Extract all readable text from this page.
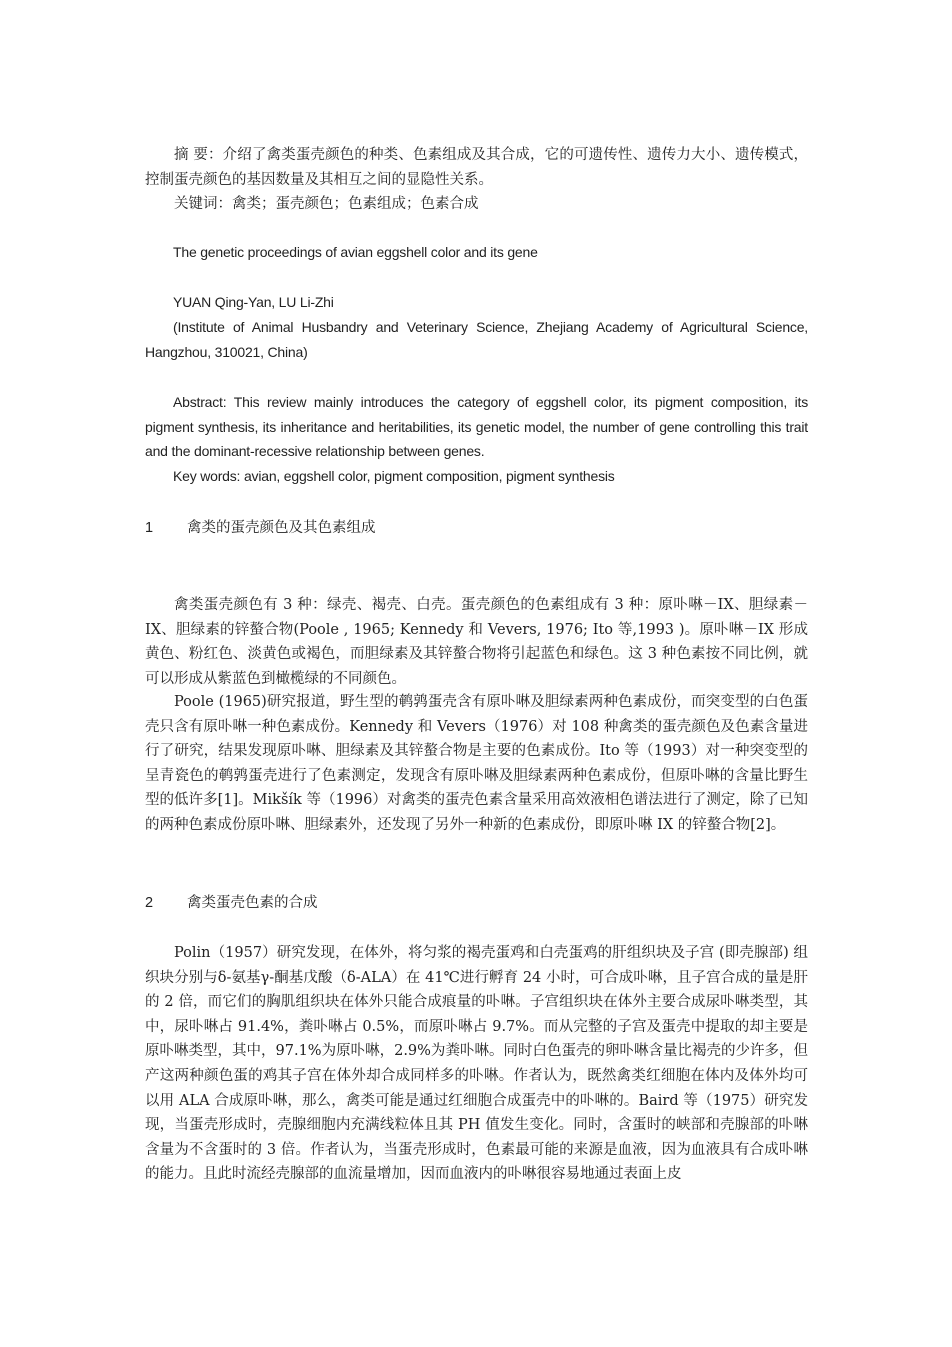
摘 要：介绍了禽类蛋壳颜色的种类、色素组成及其合成，它的可遗传性、遗传力大小、遗传模式，控制蛋壳颜色的基因数量及其相互之间的显隐性关系。

关键词：禽类；蛋壳颜色；色素组成；色素合成

The genetic proceedings of avian eggshell color and its gene

YUAN Qing-Yan, LU Li-Zhi

(Institute of Animal Husbandry and Veterinary Science, Zhejiang Academy of Agricultural Science, Hangzhou, 310021, China)

Abstract: This review mainly introduces the category of eggshell color, its pigment composition, its pigment synthesis, its inheritance and heritabilities, its genetic model, the number of gene controlling this trait and the dominant-recessive relationship between genes.

Key words: avian, eggshell color, pigment composition, pigment synthesis

1 禽类的蛋壳颜色及其色素组成

禽类蛋壳颜色有 3 种：绿壳、褐壳、白壳。蛋壳颜色的色素组成有 3 种：原卟啉－IX、胆绿素－IX、胆绿素的锌螯合物(Poole , 1965; Kennedy 和 Vevers, 1976; Ito 等,1993 )。原卟啉－IX 形成黄色、粉红色、淡黄色或褐色，而胆绿素及其锌螯合物将引起蓝色和绿色。这 3 种色素按不同比例，就可以形成从紫蓝色到橄榄绿的不同颜色。

Poole (1965)研究报道，野生型的鹌鹑蛋壳含有原卟啉及胆绿素两种色素成份，而突变型的白色蛋壳只含有原卟啉一种色素成份。Kennedy 和 Vevers（1976）对 108 种禽类的蛋壳颜色及色素含量进行了研究，结果发现原卟啉、胆绿素及其锌螯合物是主要的色素成份。Ito 等（1993）对一种突变型的呈青瓷色的鹌鹑蛋壳进行了色素测定，发现含有原卟啉及胆绿素两种色素成份，但原卟啉的含量比野生型的低许多[1]。Mikšík 等（1996）对禽类的蛋壳色素含量采用高效液相色谱法进行了测定，除了已知的两种色素成份原卟啉、胆绿素外，还发现了另外一种新的色素成份，即原卟啉 IX 的锌螯合物[2]。

2 禽类蛋壳色素的合成

Polin（1957）研究发现，在体外，将匀浆的褐壳蛋鸡和白壳蛋鸡的肝组织块及子宫 (即壳腺部) 组织块分别与δ-氨基γ-酮基戊酸（δ-ALA）在 41℃进行孵育 24 小时，可合成卟啉，且子宫合成的量是肝的 2 倍，而它们的胸肌组织块在体外只能合成痕量的卟啉。子宫组织块在体外主要合成尿卟啉类型，其中，尿卟啉占 91.4%，粪卟啉占 0.5%，而原卟啉占 9.7%。而从完整的子宫及蛋壳中提取的却主要是原卟啉类型，其中，97.1%为原卟啉，2.9%为粪卟啉。同时白色蛋壳的卵卟啉含量比褐壳的少许多，但产这两种颜色蛋的鸡其子宫在体外却合成同样多的卟啉。作者认为，既然禽类红细胞在体内及体外均可以用 ALA 合成原卟啉，那么，禽类可能是通过红细胞合成蛋壳中的卟啉的。Baird 等（1975）研究发现，当蛋壳形成时，壳腺细胞内充满线粒体且其 PH 值发生变化。同时，含蛋时的峡部和壳腺部的卟啉含量为不含蛋时的 3 倍。作者认为，当蛋壳形成时，色素最可能的来源是血液，因为血液具有合成卟啉的能力。且此时流经壳腺部的血流量增加，因而血液内的卟啉很容易地通过表面上皮
